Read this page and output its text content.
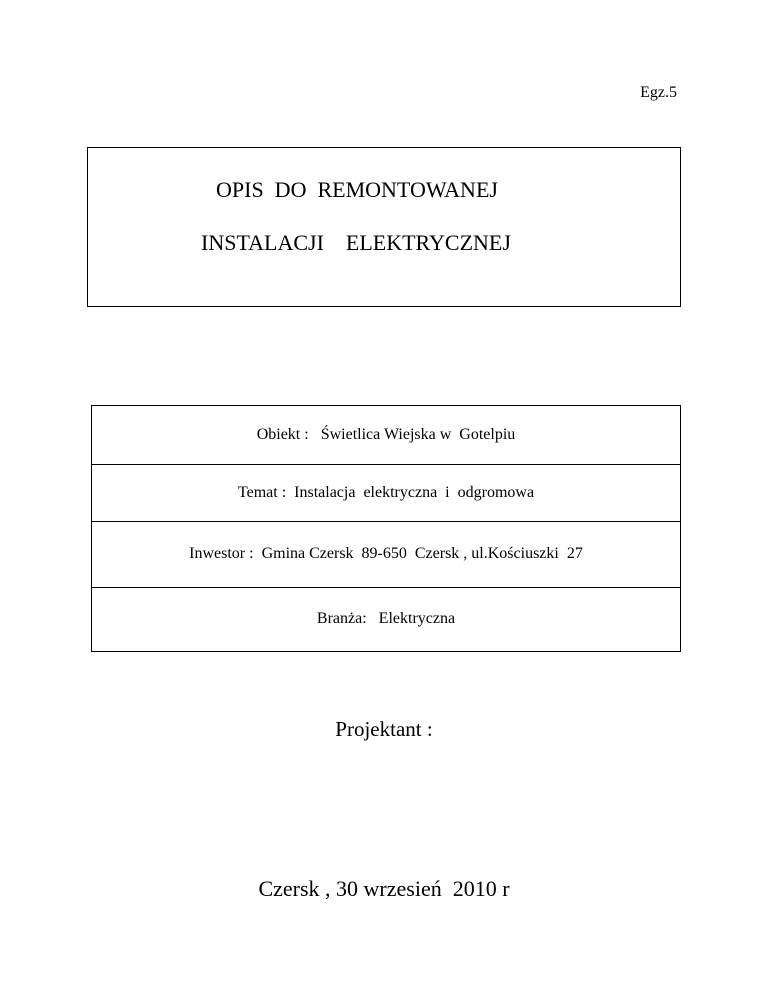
Egz.5
OPIS  DO  REMONTOWANEJ
INSTALACJI    ELEKTRYCZNEJ
Obiekt :   Świetlica Wiejska w  Gotelpiu
Temat :  Instalacja  elektryczna  i  odgromowa
Inwestor :  Gmina Czersk  89-650  Czersk , ul.Kościuszki  27
Branża:   Elektryczna
Projektant :
Czersk , 30 wrzesień  2010 r
